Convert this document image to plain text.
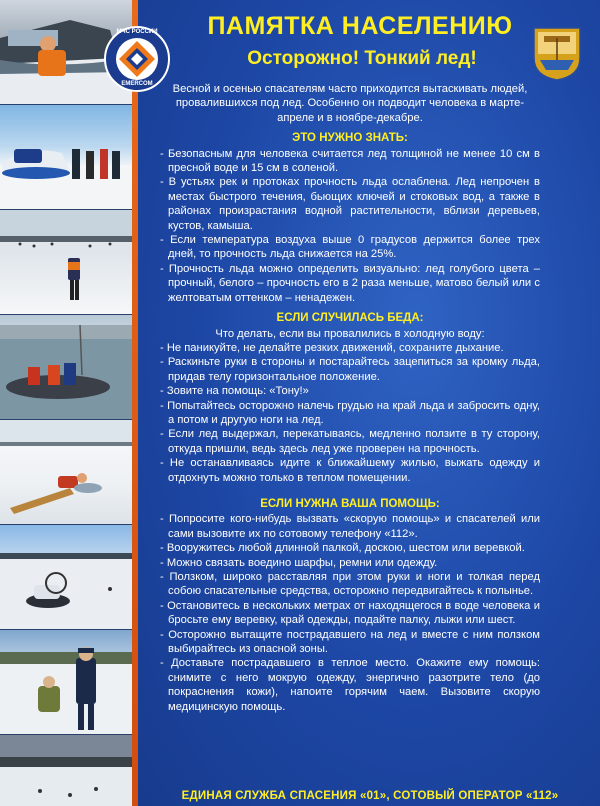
МЧС РОССИИ
EMERCOM
ПАМЯТКА НАСЕЛЕНИЮ
Осторожно! Тонкий лед!

Весной и осенью спасателям часто приходится вытаскивать людей, провалившихся под лед. Особенно он подводит человека в марте-апреле и в ноябре-декабре.

ЭТО НУЖНО ЗНАТЬ:
- Безопасным для человека считается лед толщиной не менее 10 см в пресной воде и 15 см в соленой.
- В устьях рек и протоках прочность льда ослаблена. Лед непрочен в местах быстрого течения, бьющих ключей и стоковых вод, а также в районах произрастания водной растительности, вблизи деревьев, кустов, камыша.
- Если температура воздуха выше 0 градусов держится более трех дней, то прочность льда снижается на 25%.
- Прочность льда можно определить визуально: лед голубого цвета – прочный, белого – прочность его в 2 раза меньше, матово белый или с желтоватым оттенком – ненадежен.
ЕСЛИ СЛУЧИЛАСЬ БЕДА:

Что делать, если вы провалились в холодную воду:

- Не паникуйте, не делайте резких движений, сохраните дыхание.
- Раскиньте руки в стороны и постарайтесь зацепиться за кромку льда, придав телу горизонтальное положение.
- Зовите на помощь: «Тону!»
- Попытайтесь осторожно налечь грудью на край льда и забросить одну, а потом и другую ноги на лед.
- Если лед выдержал, перекатываясь, медленно ползите в ту сторону, откуда пришли, ведь здесь лед уже проверен на прочность.
- Не останавливаясь идите к ближайшему жилью, выжать одежду и отдохнуть можно только в теплом помещении.
ЕСЛИ НУЖНА ВАША ПОМОЩЬ:
- Попросите кого-нибудь вызвать «скорую помощь» и спасателей или сами вызовите их по сотовому телефону «112».
- Вооружитесь любой длинной палкой, доскою, шестом или веревкой.
- Можно связать воедино шарфы, ремни или одежду.
- Ползком, широко расставляя при этом руки и ноги и толкая перед собою спасательные средства, осторожно передвигайтесь к полынье.
- Остановитесь в нескольких метрах от находящегося в воде человека и бросьте ему веревку, край одежды, подайте палку, лыжи или шест.
- Осторожно вытащите пострадавшего на лед и вместе с ним ползком выбирайтесь из опасной зоны.
- Доставьте пострадавшего в теплое место. Окажите ему помощь: снимите с него мокрую одежду, энергично разотрите тело (до покраснения кожи), напоите горячим чаем. Вызовите скорую медицинскую помощь.
ЕДИНАЯ СЛУЖБА СПАСЕНИЯ «01», СОТОВЫЙ ОПЕРАТОР «112»
